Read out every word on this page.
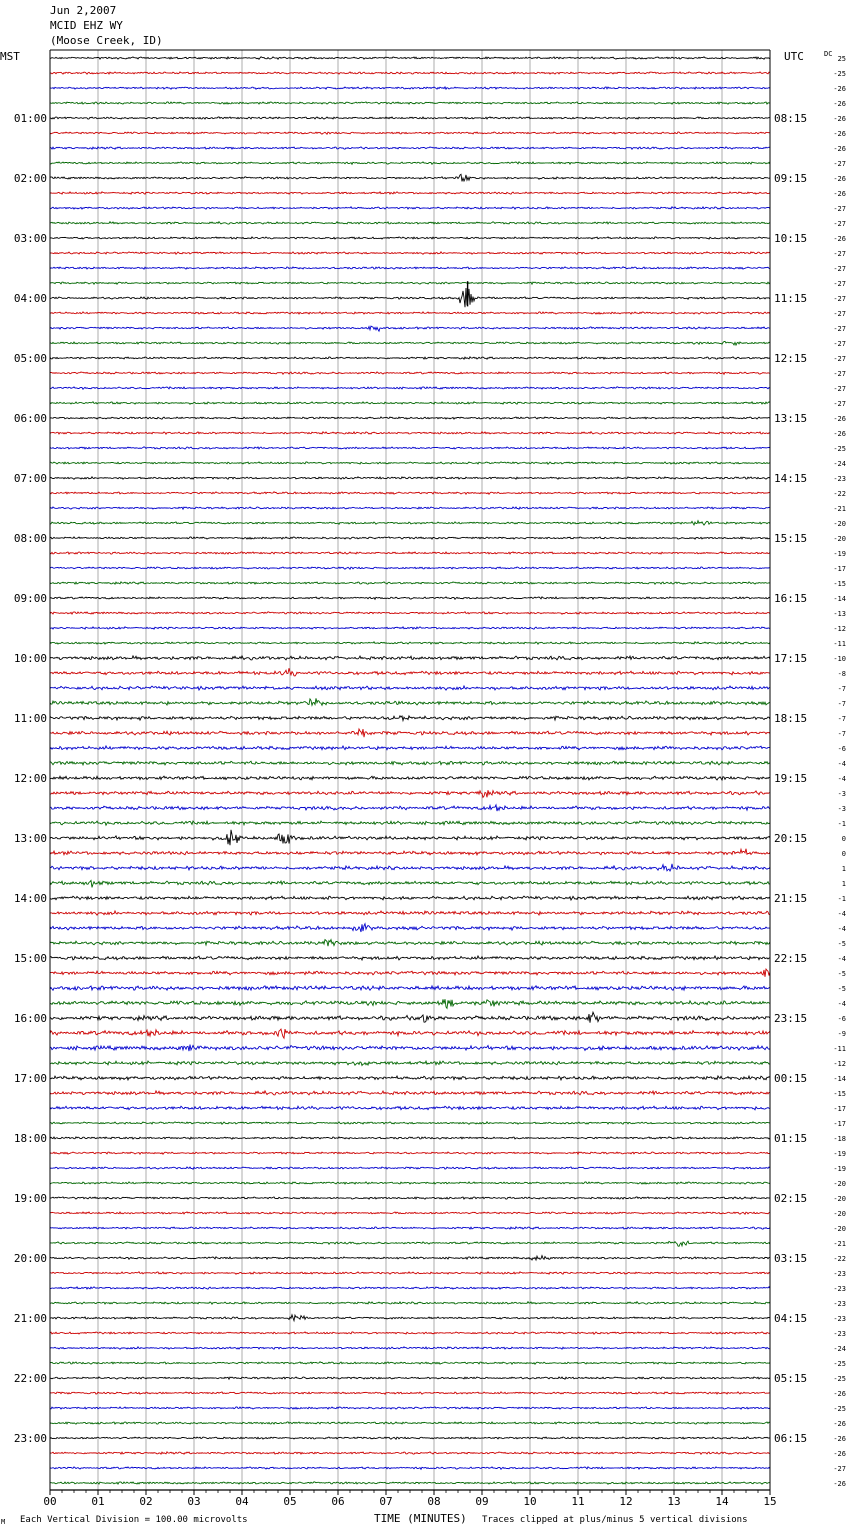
Jun 2,2007
MCID EHZ WY
(Moose Creek, ID)
00	01	02	03	04	05	06	07	08	09	10	11	12	13	14	15
01:00
02:00
03:00
04:00
05:00
06:00
07:00
08:00
09:00
10:00
11:00
12:00
13:00
14:00
15:00
16:00
17:00
18:00
19:00
20:00
21:00
22:00
23:00
08:15
09:15
10:15
11:15
12:15
13:15
14:15
15:15
16:15
17:15
18:15
19:15
20:15
21:15
22:15
23:15
00:15
01:15
02:15
03:15
04:15
05:15
06:15
25
-25
-26
-26
-26
-26
-26
-27
-26
-26
-27
-27
-26
-27
-27
-27
-27
-27
-27
-27
-27
-27
-27
-27
-26
-26
-25
-24
-23
-22
-21
-20
-20
-19
-17
-15
-14
-13
-12
-11
-10
-8
-7
-7
-7
-7
-6
-4
-4
-3
-3
-1
0
0
1
1
-1
-4
-4
-5
-4
-5
-5
-4
-6
-9
-11
-12
-14
-15
-17
-17
-18
-19
-19
-20
-20
-20
-20
-21
-22
-23
-23
-23
-23
-23
-24
-25
-25
-26
-25
-26
-26
-26
-27
-26
MST	UTC	DC
M Each Vertical Division = 100.00 microvolts	TIME (MINUTES) Traces clipped at plus/minus 5 vertical divisions
